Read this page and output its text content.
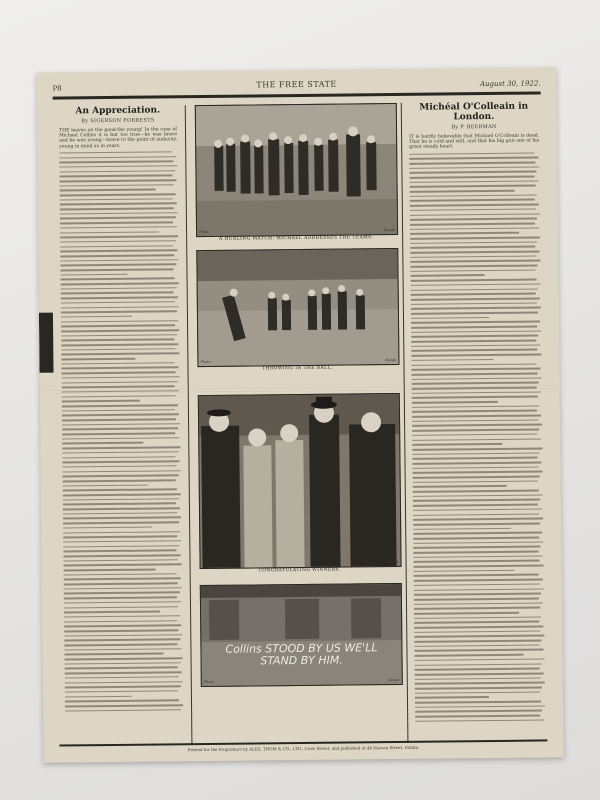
P8	THE FREE STATE	August 30, 1922.
An Appreciation.
By SIGERSON FORRESTS
THE leaves on the good-the young! In the case of Michael Collins it is but too true—he was brave and he was young—brave to the point of audacity, young in mind as in years.
Photo	Keogh
A HURLING MATCH: MICHAEL ADDRESSES THE TEAMS.
Photo	Keogh
THROWING IN THE BALL.
Photo	Keogh
CONGRATULATING WINNERS.
Collins STOOD BY US WE'LL STAND BY HIM.
Photo	Keogh
Michéal O'Colleain in London.
By P. BEERMAN
IT is hardly believable that Michael O'Colleain is dead. That he is cold and still, and that his big gun one of his great steady heart.
Printed for the Proprietors by ALEX. THOM & CO., LTD., Crow Street, and published at 44 Nassau Street, Dublin.
